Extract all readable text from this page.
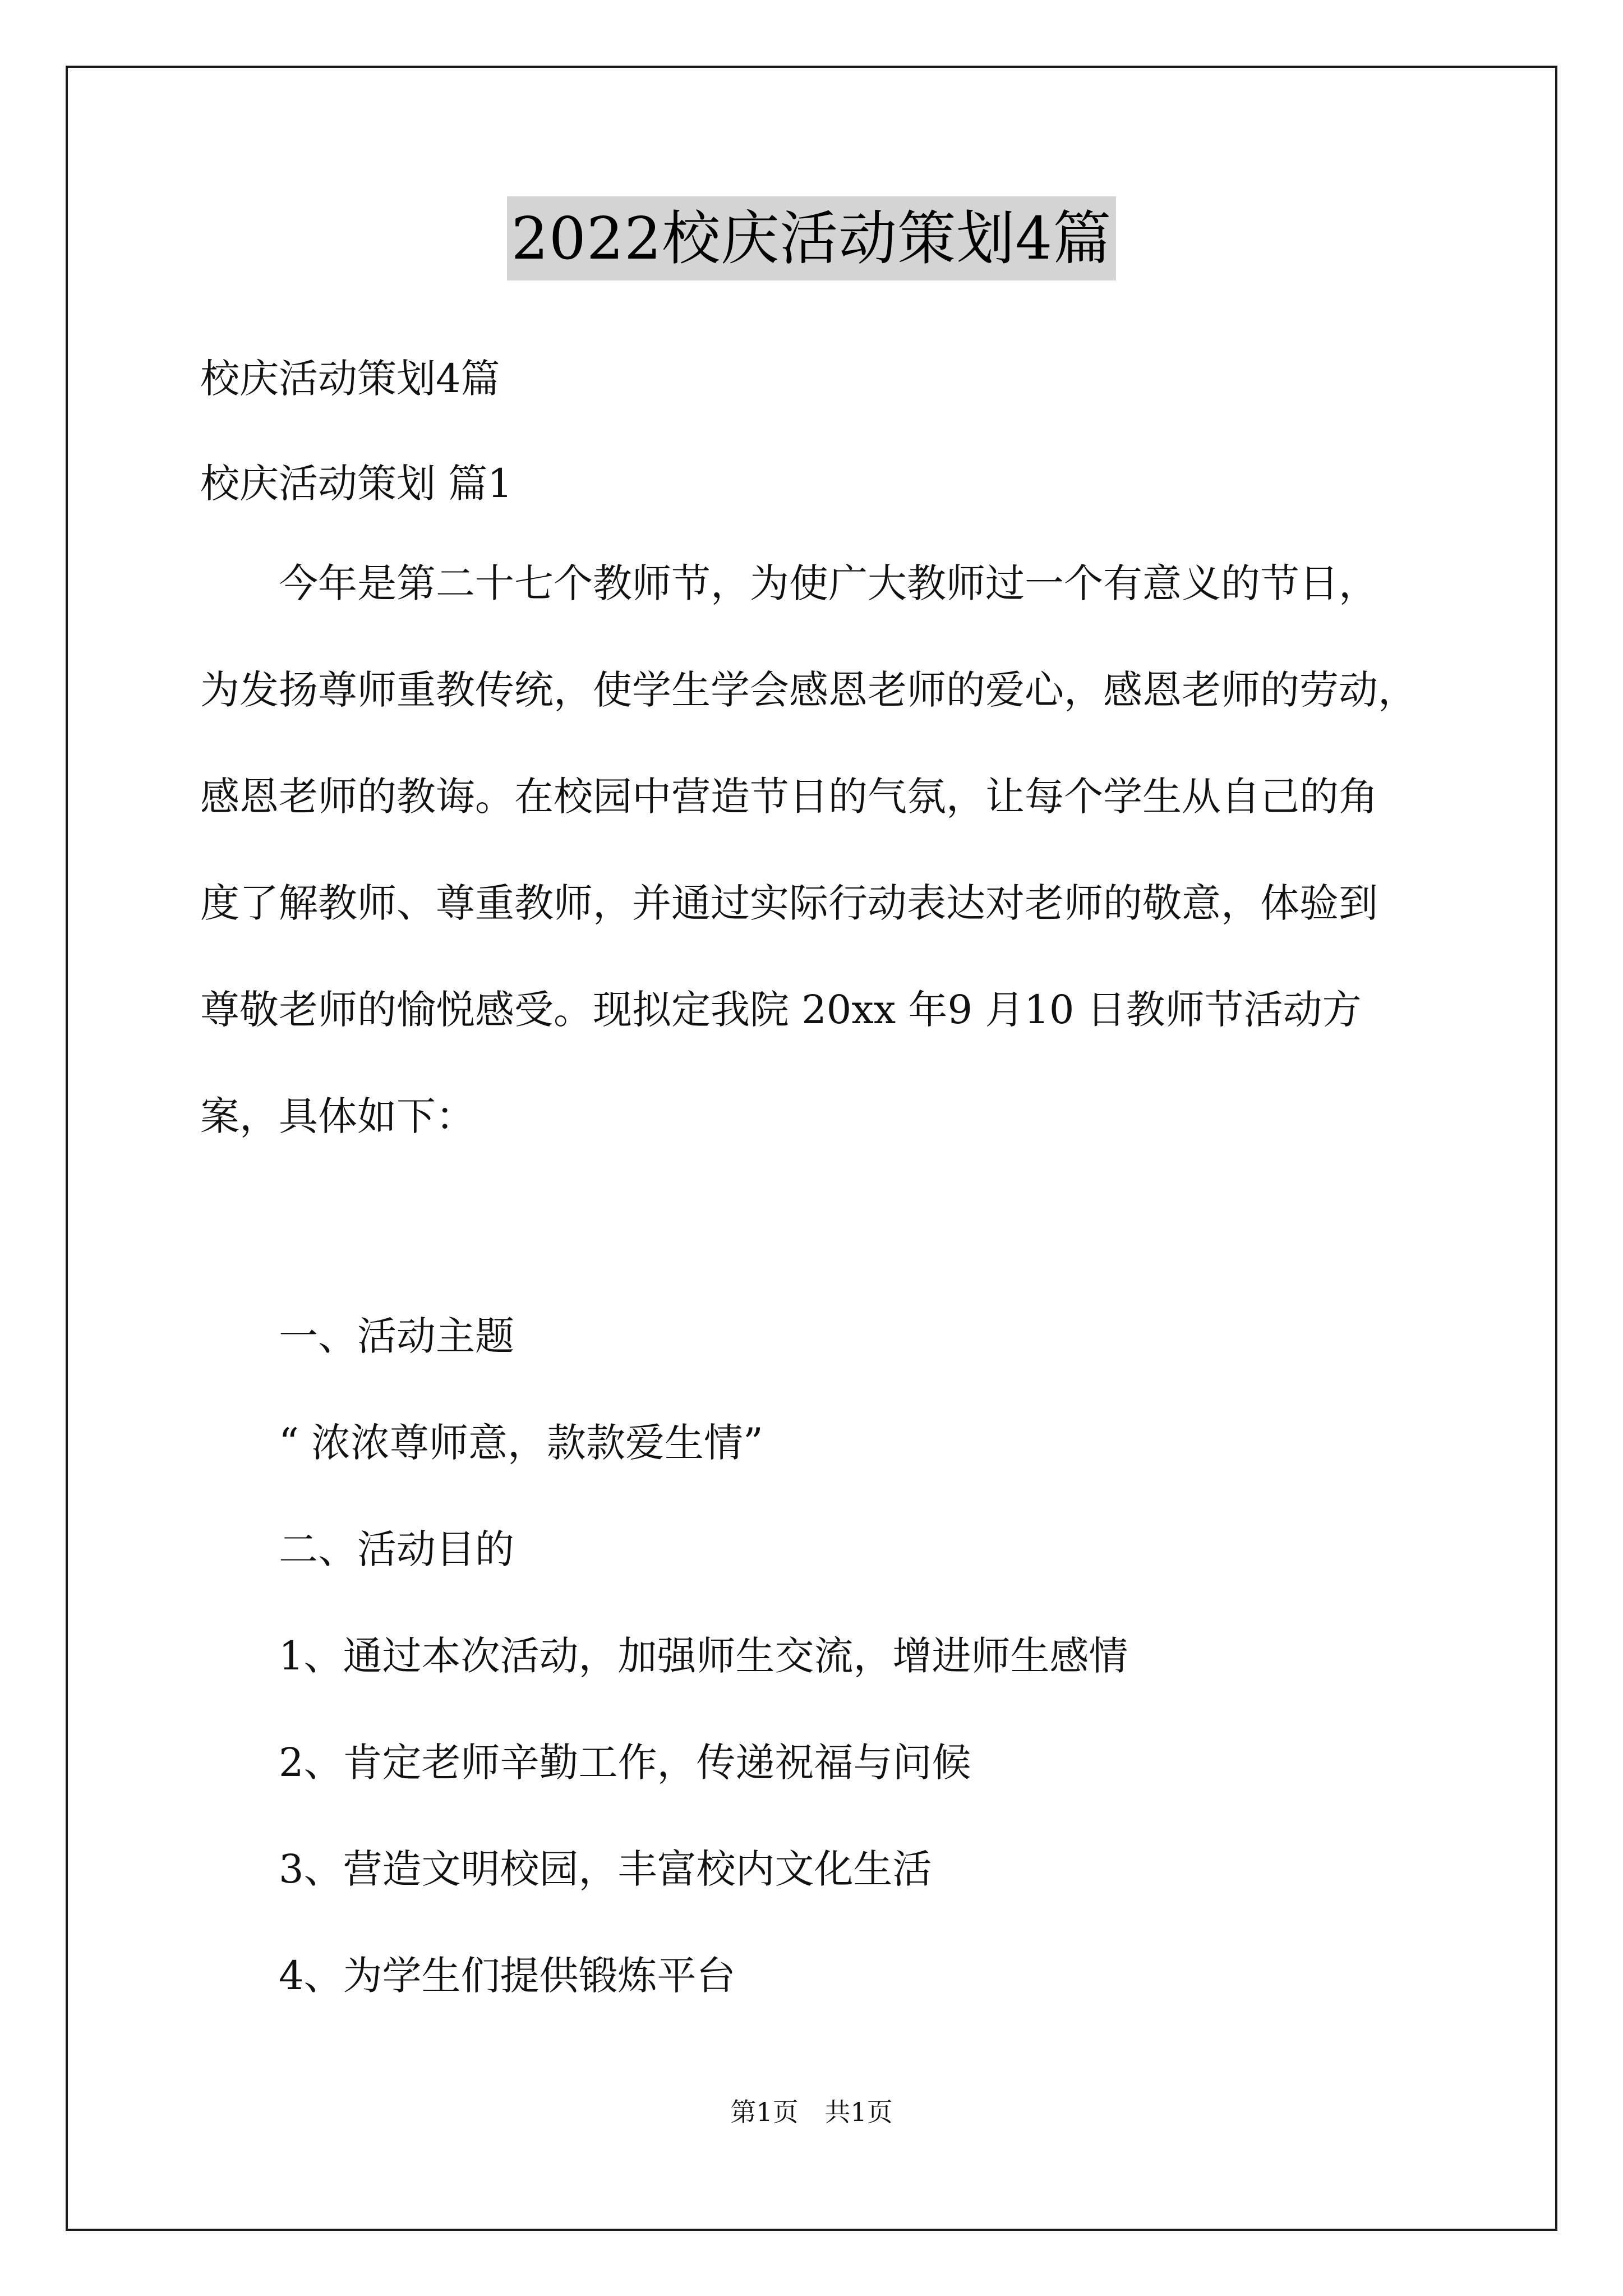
2022校庆活动策划4篇
校庆活动策划4篇
校庆活动策划 篇1
今年是第二十七个教师节，为使广大教师过一个有意义的节日，
为发扬尊师重教传统，使学生学会感恩老师的爱心，感恩老师的劳动，
感恩老师的教诲。在校园中营造节日的气氛，让每个学生从自己的角
度了解教师、尊重教师，并通过实际行动表达对老师的敬意，体验到
尊敬老师的愉悦感受。现拟定我院 20xx 年9 月10 日教师节活动方
案，具体如下：
一、活动主题
“ 浓浓尊师意，款款爱生情”
二、活动目的
1、通过本次活动，加强师生交流，增进师生感情
2、肯定老师辛勤工作，传递祝福与问候
3、营造文明校园，丰富校内文化生活
4、为学生们提供锻炼平台
第1页 共1页
